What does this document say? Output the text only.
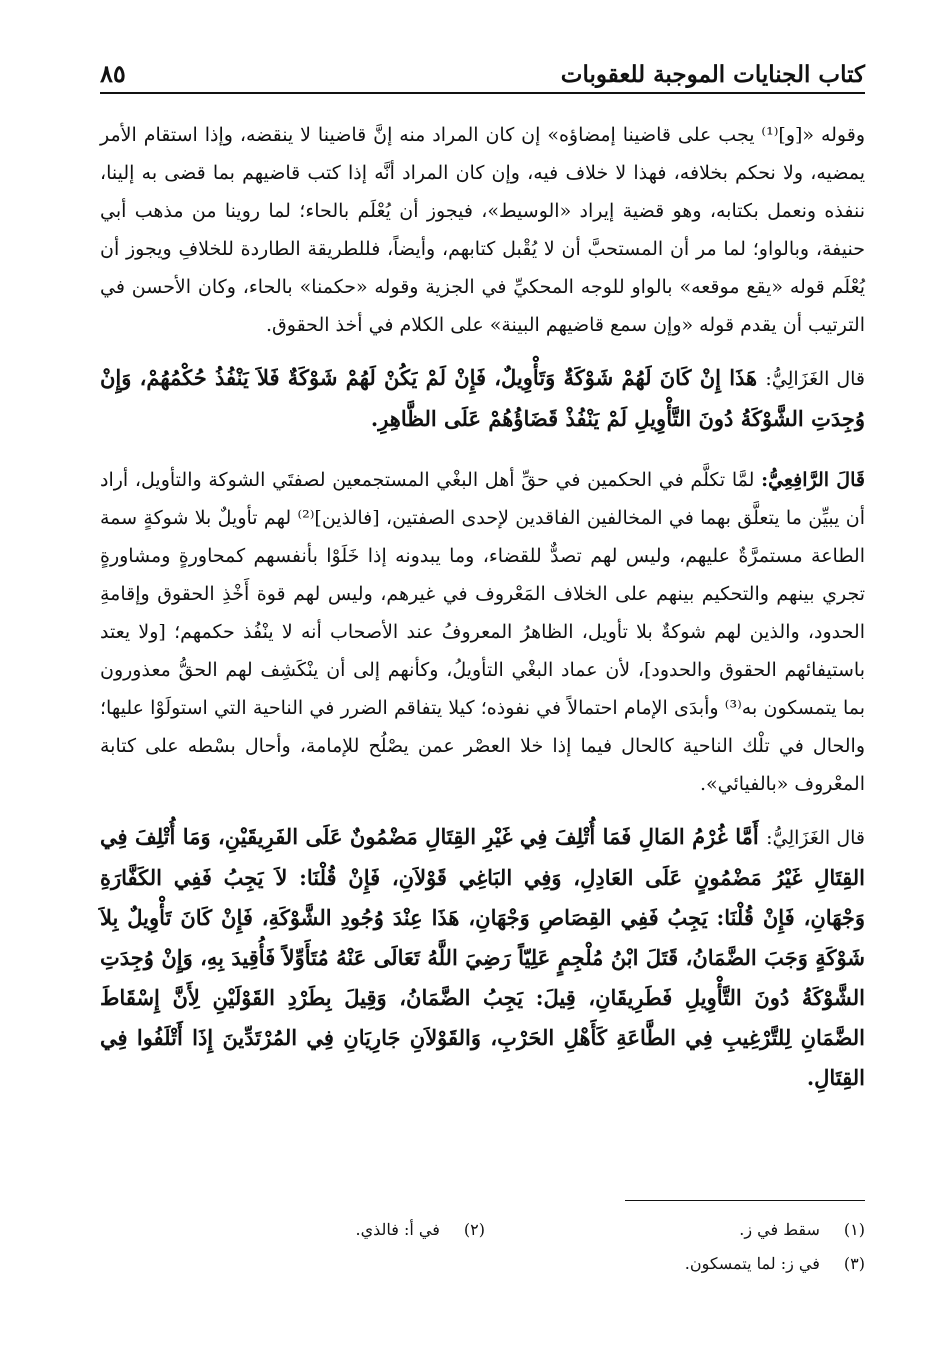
كتاب الجنايات الموجبة للعقوبات
٨٥

وقوله «[و]⁽¹⁾ يجب على قاضينا إمضاؤه» إن كان المراد منه إنَّ قاضينا لا ينقضه، وإذا استقام الأمر يمضيه، ولا نحكم بخلافه، فهذا لا خلاف فيه، وإن كان المراد أنَّه إذا كتب قاضيهم بما قضى به إلينا، ننفذه ونعمل بكتابه، وهو قضية إيراد «الوسيط»، فيجوز أن يُعْلَم بالحاء؛ لما روينا من مذهب أبي حنيفة، وبالواو؛ لما مر أن المستحبَّ أن لا يُقْبل كتابهم، وأيضاً، فللطريقة الطاردة للخلافِ ويجوز أن يُعْلَم قوله «يقع موقعه» بالواو للوجه المحكيِّ في الجزية وقوله «حكمنا» بالحاء، وكان الأحسن في الترتيب أن يقدم قوله «وإن سمع قاضيهم البينة» على الكلام في أخذ الحقوق.

قال الغَزَالِيُّ: هَذَا إِنْ كَانَ لَهُمْ شَوْكَةٌ وَتَأْوِيلٌ، فَإِنْ لَمْ يَكُنْ لَهُمْ شَوْكَةٌ فَلاَ يَنْفُذُ حُكْمُهُمْ، وَإِنْ وُجِدَتِ الشَّوْكَةُ دُونَ التَّأْوِيلِ لَمْ يَنْفُذْ قَضَاؤُهُمْ عَلَى الظَّاهِرِ.

قَالَ الرَّافِعِيُّ: لمَّا تكلَّم في الحكمين في حقِّ أهل البغْي المستجمعين لصفتَي الشوكة والتأويل، أراد أن يبيِّن ما يتعلَّق بهما في المخالفين الفاقدين لإحدى الصفتين، [فالذين]⁽²⁾ لهم تأويلٌ بلا شوكةٍ سمة الطاعة مستمرَّةٌ عليهم، وليس لهم تصدٌّ للقضاء، وما يبدونه إذا خَلَوْا بأنفسهم كمحاورةٍ ومشاورةٍ تجري بينهم والتحكيم بينهم على الخلاف المَعْروف في غيرهم، وليس لهم قوة أَخْذِ الحقوق وإقامةِ الحدود، والذين لهم شوكةٌ بلا تأويل، الظاهرُ المعروفُ عند الأصحاب أنه لا ينْفُذ حكمهم؛ [ولا يعتد باستيفائهم الحقوق والحدود]، لأن عماد البغْي التأويلُ، وكأنهم إلى أن ينْكَشِف لهم الحقُّ معذورون بما يتمسكون به⁽³⁾ وأبدَى الإمام احتمالاً في نفوذه؛ كيلا يتفاقم الضرر في الناحية التي استولَوْا عليها؛ والحال في تلْك الناحية كالحال فيما إذا خلا العصْر عمن يصْلُح للإمامة، وأحال بسْطه على كتابة المعْروف «بالفيائي».

قال الغَزَالِيُّ: أَمَّا غُرْمُ المَالِ فَمَا أُتْلِفَ فِي غَيْرِ القِتَالِ مَضْمُونٌ عَلَى الفَرِيقَيْنِ، وَمَا أُتْلِفَ فِي القِتَالِ غَيْرُ مَضْمُونٍ عَلَى العَادِلِ، وَفِي البَاغِي قَوْلاَنِ، فَإِنْ قُلْنَا: لاَ يَجِبُ فَفِي الكَفَّارَةِ وَجْهَانِ، فَإِنْ قُلْنَا: يَجِبُ فَفِي القِصَاصِ وَجْهَانِ، هَذَا عِنْدَ وُجُودِ الشَّوْكَةِ، فَإِنْ كَانَ تَأْوِيلٌ بِلاَ شَوْكَةٍ وَجَبَ الضَّمَانُ، قَتَلَ ابْنُ مُلْجِمٍ عَلِيّاً رَضِيَ اللَّهُ تَعَالَى عَنْهُ مُتَأَوِّلاً فَأُقِيدَ بِهِ، وَإِنْ وُجِدَتِ الشَّوْكَةُ دُونَ التَّأْوِيلِ فَطَرِيقَانِ، قِيلَ: يَجِبُ الضَّمَانُ، وَقِيلَ بِطَرْدِ القَوْلَيْنِ لِأَنَّ إِسْقَاطَ الضَّمَانِ لِلتَّرْغِيبِ فِي الطَّاعَةِ كَأَهْلِ الحَرْبِ، وَالقَوْلاَنِ جَارِيَانِ فِي المُرْتَدِّينَ إِذَا أَتْلَفُوا فِي القِتَالِ.

(١) سقط في ز.
(٢) في أ: فالذي.
(٣) في ز: لما يتمسكون.
